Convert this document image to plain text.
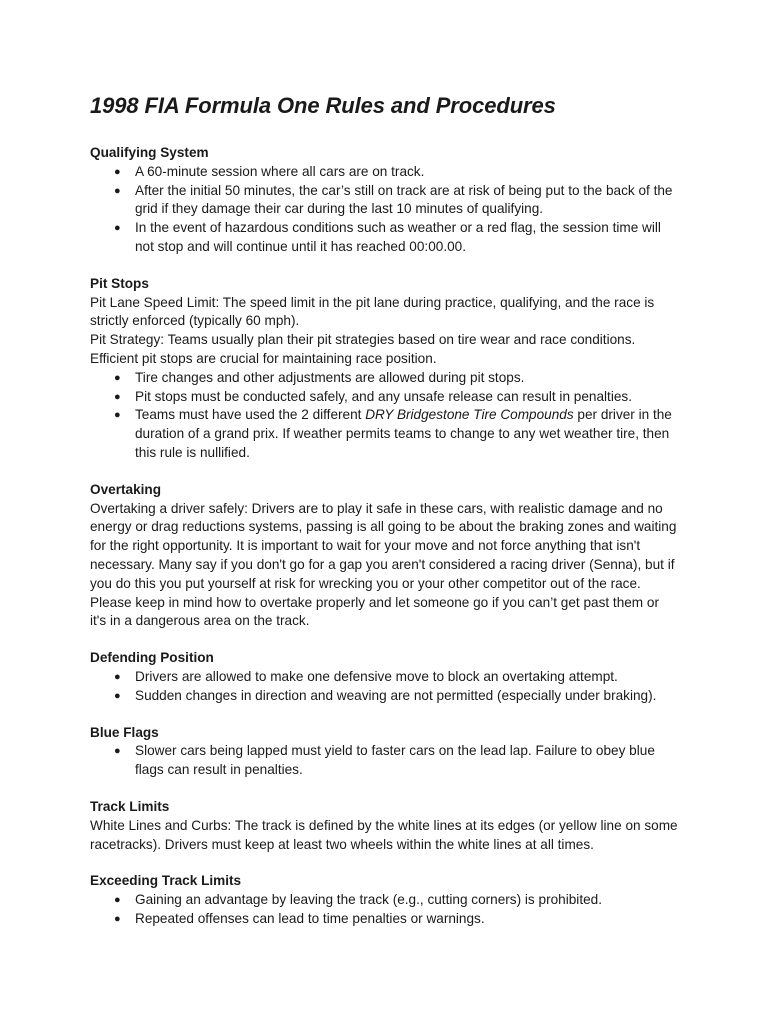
1998 FIA Formula One Rules and Procedures
Qualifying System
● A 60-minute session where all cars are on track.
● After the initial 50 minutes, the car’s still on track are at risk of being put to the back of the grid if they damage their car during the last 10 minutes of qualifying.
● In the event of hazardous conditions such as weather or a red flag, the session time will not stop and will continue until it has reached 00:00.00.
Pit Stops

Pit Lane Speed Limit: The speed limit in the pit lane during practice, qualifying, and the race is strictly enforced (typically 60 mph).

Pit Strategy: Teams usually plan their pit strategies based on tire wear and race conditions. Efficient pit stops are crucial for maintaining race position.

● Tire changes and other adjustments are allowed during pit stops.
● Pit stops must be conducted safely, and any unsafe release can result in penalties.
● Teams must have used the 2 different DRY Bridgestone Tire Compounds per driver in the duration of a grand prix. If weather permits teams to change to any wet weather tire, then this rule is nullified.
Overtaking

Overtaking a driver safely: Drivers are to play it safe in these cars, with realistic damage and no energy or drag reductions systems, passing is all going to be about the braking zones and waiting for the right opportunity. It is important to wait for your move and not force anything that isn't necessary. Many say if you don't go for a gap you aren't considered a racing driver (Senna), but if you do this you put yourself at risk for wrecking you or your other competitor out of the race. Please keep in mind how to overtake properly and let someone go if you can’t get past them or it's in a dangerous area on the track.

Defending Position
● Drivers are allowed to make one defensive move to block an overtaking attempt.
● Sudden changes in direction and weaving are not permitted (especially under braking).
Blue Flags
● Slower cars being lapped must yield to faster cars on the lead lap. Failure to obey blue flags can result in penalties.
Track Limits

White Lines and Curbs: The track is defined by the white lines at its edges (or yellow line on some racetracks). Drivers must keep at least two wheels within the white lines at all times.

Exceeding Track Limits
● Gaining an advantage by leaving the track (e.g., cutting corners) is prohibited.
● Repeated offenses can lead to time penalties or warnings.
